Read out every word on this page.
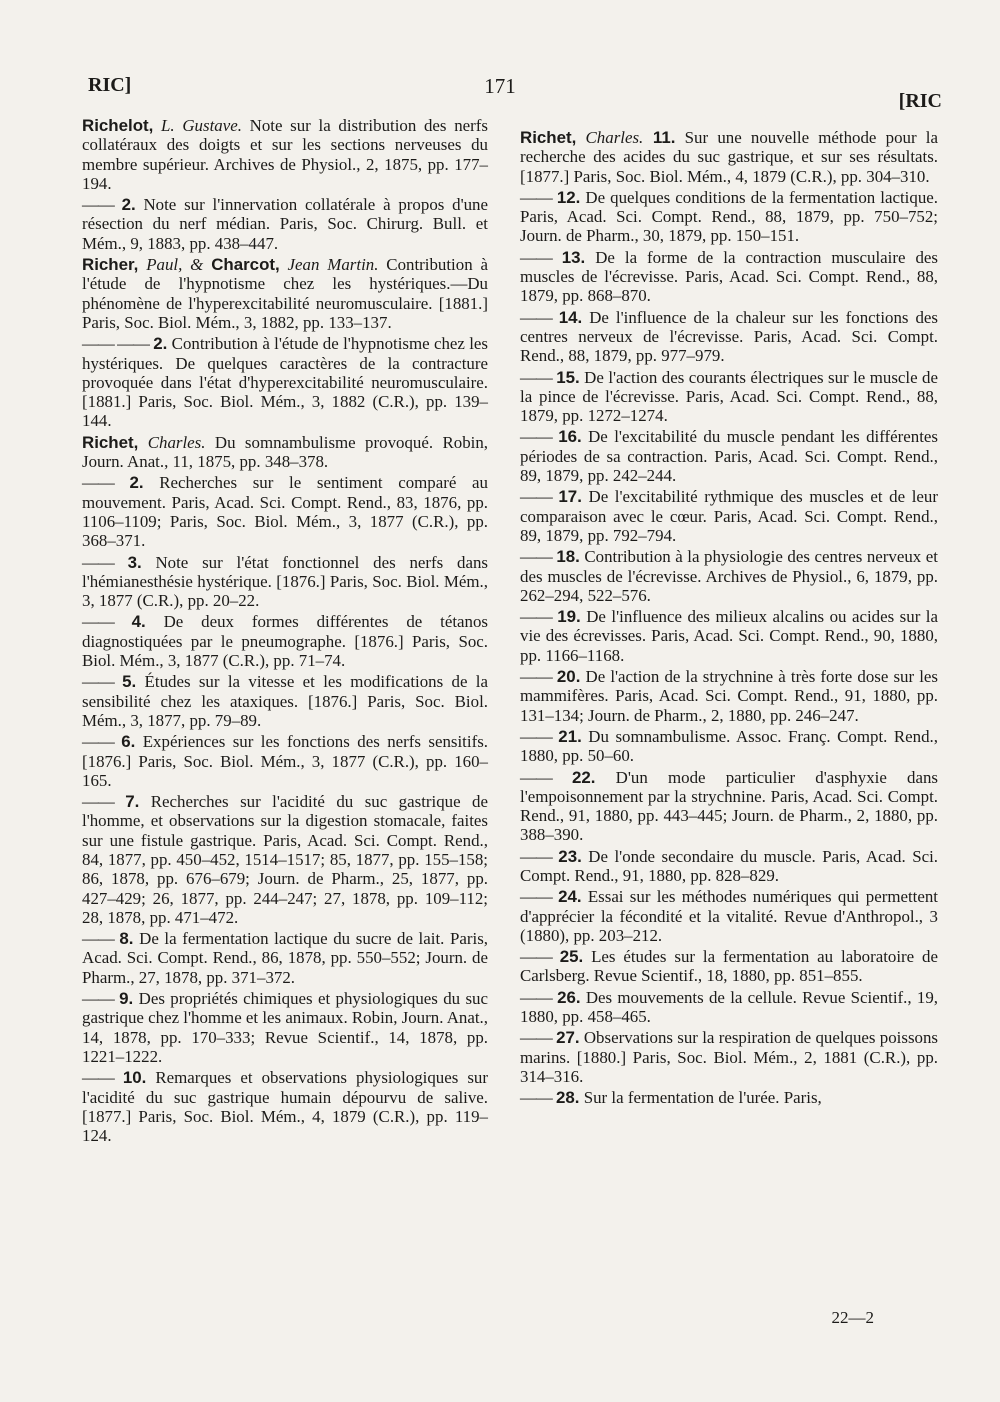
RIC]	171
[RIC

Richelot, L. Gustave. Note sur la distribution des nerfs collatéraux des doigts et sur les sections nerveuses du membre supérieur. Archives de Physiol., 2, 1875, pp. 177–194.

—— 2. Note sur l'innervation collatérale à propos d'une résection du nerf médian. Paris, Soc. Chirurg. Bull. et Mém., 9, 1883, pp. 438–447.

Richer, Paul, & Charcot, Jean Martin. Contribution à l'étude de l'hypnotisme chez les hystériques.—Du phénomène de l'hyperexcitabilité neuromusculaire. [1881.] Paris, Soc. Biol. Mém., 3, 1882, pp. 133–137.

—— —— 2. Contribution à l'étude de l'hypnotisme chez les hystériques. De quelques caractères de la contracture provoquée dans l'état d'hyperexcitabilité neuromusculaire. [1881.] Paris, Soc. Biol. Mém., 3, 1882 (C.R.), pp. 139–144.

Richet, Charles. Du somnambulisme provoqué. Robin, Journ. Anat., 11, 1875, pp. 348–378.

—— 2. Recherches sur le sentiment comparé au mouvement. Paris, Acad. Sci. Compt. Rend., 83, 1876, pp. 1106–1109; Paris, Soc. Biol. Mém., 3, 1877 (C.R.), pp. 368–371.

—— 3. Note sur l'état fonctionnel des nerfs dans l'hémianesthésie hystérique. [1876.] Paris, Soc. Biol. Mém., 3, 1877 (C.R.), pp. 20–22.

—— 4. De deux formes différentes de tétanos diagnostiquées par le pneumographe. [1876.] Paris, Soc. Biol. Mém., 3, 1877 (C.R.), pp. 71–74.

—— 5. Études sur la vitesse et les modifications de la sensibilité chez les ataxiques. [1876.] Paris, Soc. Biol. Mém., 3, 1877, pp. 79–89.

—— 6. Expériences sur les fonctions des nerfs sensitifs. [1876.] Paris, Soc. Biol. Mém., 3, 1877 (C.R.), pp. 160–165.

—— 7. Recherches sur l'acidité du suc gastrique de l'homme, et observations sur la digestion stomacale, faites sur une fistule gastrique. Paris, Acad. Sci. Compt. Rend., 84, 1877, pp. 450–452, 1514–1517; 85, 1877, pp. 155–158; 86, 1878, pp. 676–679; Journ. de Pharm., 25, 1877, pp. 427–429; 26, 1877, pp. 244–247; 27, 1878, pp. 109–112; 28, 1878, pp. 471–472.

—— 8. De la fermentation lactique du sucre de lait. Paris, Acad. Sci. Compt. Rend., 86, 1878, pp. 550–552; Journ. de Pharm., 27, 1878, pp. 371–372.

—— 9. Des propriétés chimiques et physiologiques du suc gastrique chez l'homme et les animaux. Robin, Journ. Anat., 14, 1878, pp. 170–333; Revue Scientif., 14, 1878, pp. 1221–1222.

—— 10. Remarques et observations physiologiques sur l'acidité du suc gastrique humain dépourvu de salive. [1877.] Paris, Soc. Biol. Mém., 4, 1879 (C.R.), pp. 119–124.

Richet, Charles. 11. Sur une nouvelle méthode pour la recherche des acides du suc gastrique, et sur ses résultats. [1877.] Paris, Soc. Biol. Mém., 4, 1879 (C.R.), pp. 304–310.

—— 12. De quelques conditions de la fermentation lactique. Paris, Acad. Sci. Compt. Rend., 88, 1879, pp. 750–752; Journ. de Pharm., 30, 1879, pp. 150–151.

—— 13. De la forme de la contraction musculaire des muscles de l'écrevisse. Paris, Acad. Sci. Compt. Rend., 88, 1879, pp. 868–870.

—— 14. De l'influence de la chaleur sur les fonctions des centres nerveux de l'écrevisse. Paris, Acad. Sci. Compt. Rend., 88, 1879, pp. 977–979.

—— 15. De l'action des courants électriques sur le muscle de la pince de l'écrevisse. Paris, Acad. Sci. Compt. Rend., 88, 1879, pp. 1272–1274.

—— 16. De l'excitabilité du muscle pendant les différentes périodes de sa contraction. Paris, Acad. Sci. Compt. Rend., 89, 1879, pp. 242–244.

—— 17. De l'excitabilité rythmique des muscles et de leur comparaison avec le cœur. Paris, Acad. Sci. Compt. Rend., 89, 1879, pp. 792–794.

—— 18. Contribution à la physiologie des centres nerveux et des muscles de l'écrevisse. Archives de Physiol., 6, 1879, pp. 262–294, 522–576.

—— 19. De l'influence des milieux alcalins ou acides sur la vie des écrevisses. Paris, Acad. Sci. Compt. Rend., 90, 1880, pp. 1166–1168.

—— 20. De l'action de la strychnine à très forte dose sur les mammifères. Paris, Acad. Sci. Compt. Rend., 91, 1880, pp. 131–134; Journ. de Pharm., 2, 1880, pp. 246–247.

—— 21. Du somnambulisme. Assoc. Franç. Compt. Rend., 1880, pp. 50–60.

—— 22. D'un mode particulier d'asphyxie dans l'empoisonnement par la strychnine. Paris, Acad. Sci. Compt. Rend., 91, 1880, pp. 443–445; Journ. de Pharm., 2, 1880, pp. 388–390.

—— 23. De l'onde secondaire du muscle. Paris, Acad. Sci. Compt. Rend., 91, 1880, pp. 828–829.

—— 24. Essai sur les méthodes numériques qui permettent d'apprécier la fécondité et la vitalité. Revue d'Anthropol., 3 (1880), pp. 203–212.

—— 25. Les études sur la fermentation au laboratoire de Carlsberg. Revue Scientif., 18, 1880, pp. 851–855.

—— 26. Des mouvements de la cellule. Revue Scientif., 19, 1880, pp. 458–465.

—— 27. Observations sur la respiration de quelques poissons marins. [1880.] Paris, Soc. Biol. Mém., 2, 1881 (C.R.), pp. 314–316.

—— 28. Sur la fermentation de l'urée. Paris,

22—2
